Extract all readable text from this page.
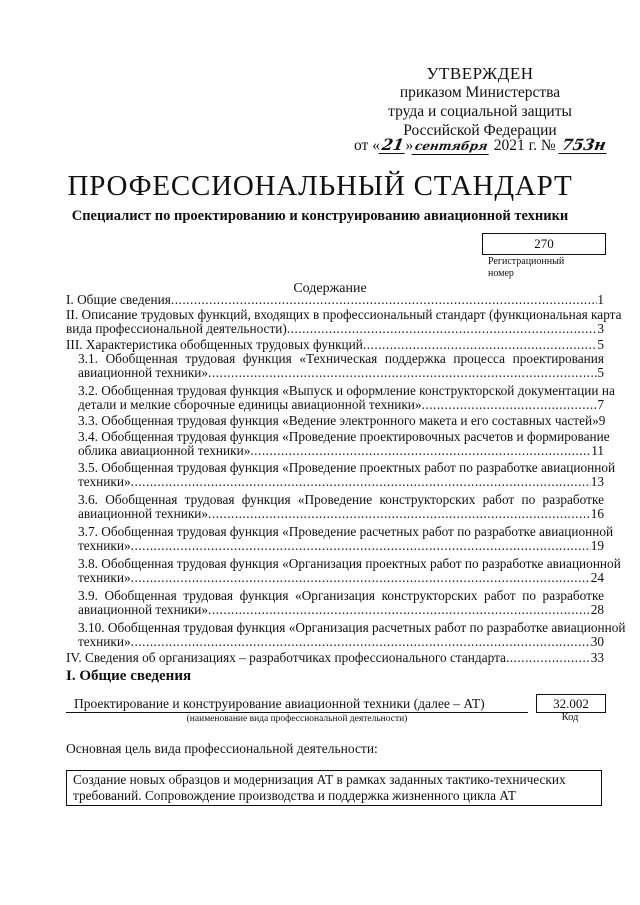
УТВЕРЖДЕН
приказом Министерства
труда и социальной защиты
Российской Федерации
от «21»сентября 2021 г. № 753н
ПРОФЕССИОНАЛЬНЫЙ СТАНДАРТ
Специалист по проектированию и конструированию авиационной техники
270
Регистрационный номер
Содержание
I. Общие сведения .....	1
II. Описание трудовых функций, входящих в профессиональный стандарт (функциональная карта
вида профессиональной деятельности) .....	3
III. Характеристика обобщенных трудовых функций .....	5
3.1. Обобщенная трудовая функция «Техническая поддержка процесса проектирования
авиационной техники» .....	5
3.2. Обобщенная трудовая функция «Выпуск и оформление конструкторской документации на
детали и мелкие сборочные единицы авиационной техники» .....	7
3.3. Обобщенная трудовая функция «Ведение электронного макета и его составных частей» 9
3.4. Обобщенная трудовая функция «Проведение проектировочных расчетов и формирование
облика авиационной техники» .....	11
3.5. Обобщенная трудовая функция «Проведение проектных работ по разработке авиационной
техники» .....	13
3.6. Обобщенная трудовая функция «Проведение конструкторских работ по разработке
авиационной техники» .....	16
3.7. Обобщенная трудовая функция «Проведение расчетных работ по разработке авиационной
техники» .....	19
3.8. Обобщенная трудовая функция «Организация проектных работ по разработке авиационной
техники» .....	24
3.9. Обобщенная трудовая функция «Организация конструкторских работ по разработке
авиационной техники» .....	28
3.10. Обобщенная трудовая функция «Организация расчетных работ по разработке авиационной
техники» .....	30
IV. Сведения об организациях – разработчиках профессионального стандарта .....	33
I. Общие сведения
Проектирование и конструирование авиационной техники (далее – АТ)
(наименование вида профессиональной деятельности)
32.002
Код
Основная цель вида профессиональной деятельности:
Создание новых образцов и модернизация АТ в рамках заданных тактико-технических
требований. Сопровождение производства и поддержка жизненного цикла АТ
